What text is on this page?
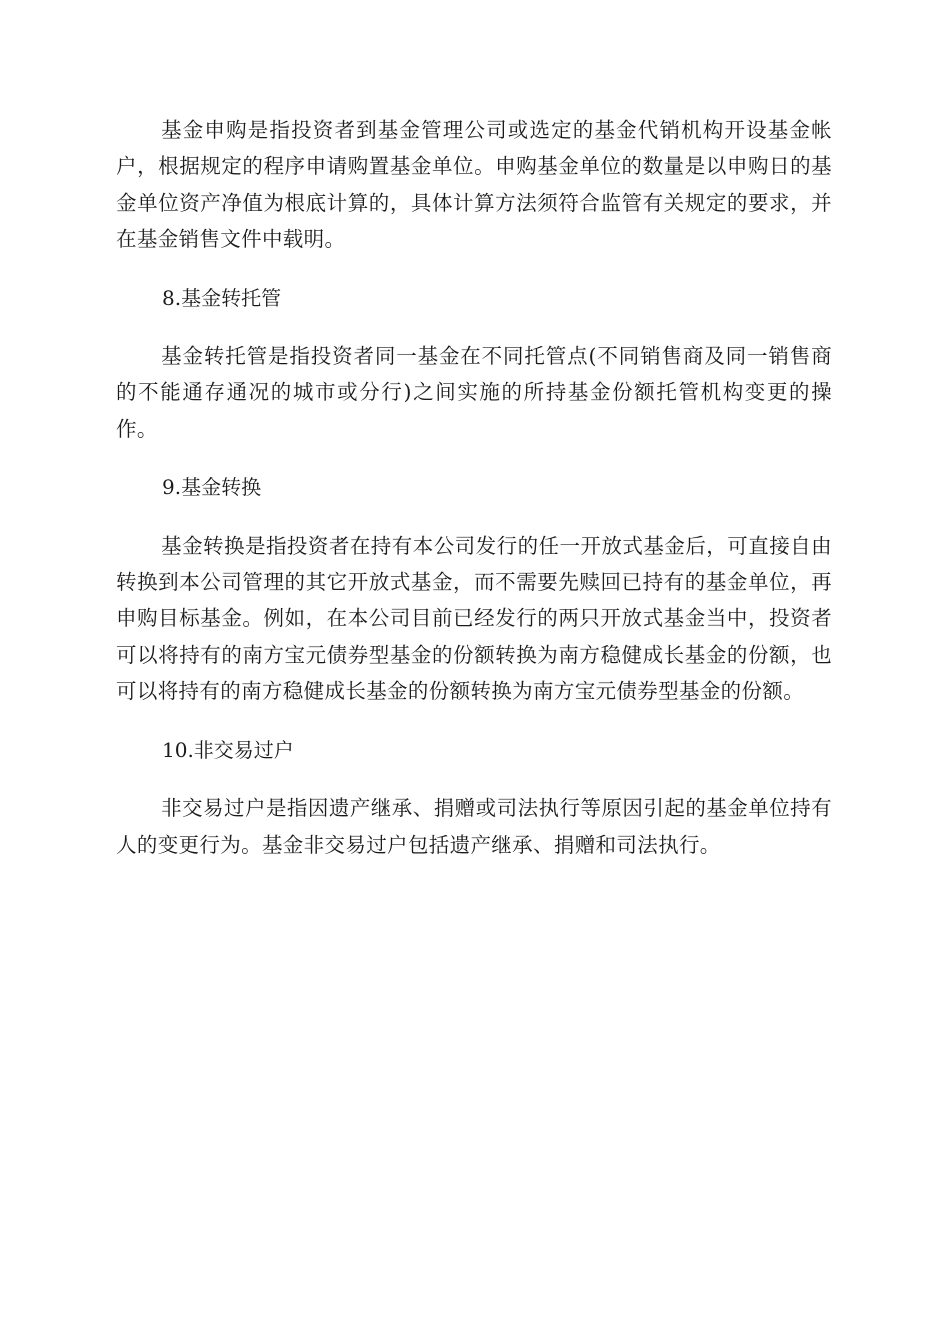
基金申购是指投资者到基金管理公司或选定的基金代销机构开设基金帐户，根据规定的程序申请购置基金单位。申购基金单位的数量是以申购日的基金单位资产净值为根底计算的，具体计算方法须符合监管有关规定的要求，并在基金销售文件中载明。

8.基金转托管

基金转托管是指投资者同一基金在不同托管点(不同销售商及同一销售商的不能通存通况的城市或分行)之间实施的所持基金份额托管机构变更的操作。

9.基金转换

基金转换是指投资者在持有本公司发行的任一开放式基金后，可直接自由转换到本公司管理的其它开放式基金，而不需要先赎回已持有的基金单位，再申购目标基金。例如，在本公司目前已经发行的两只开放式基金当中，投资者可以将持有的南方宝元债券型基金的份额转换为南方稳健成长基金的份额，也可以将持有的南方稳健成长基金的份额转换为南方宝元债券型基金的份额。

10.非交易过户

非交易过户是指因遗产继承、捐赠或司法执行等原因引起的基金单位持有人的变更行为。基金非交易过户包括遗产继承、捐赠和司法执行。
